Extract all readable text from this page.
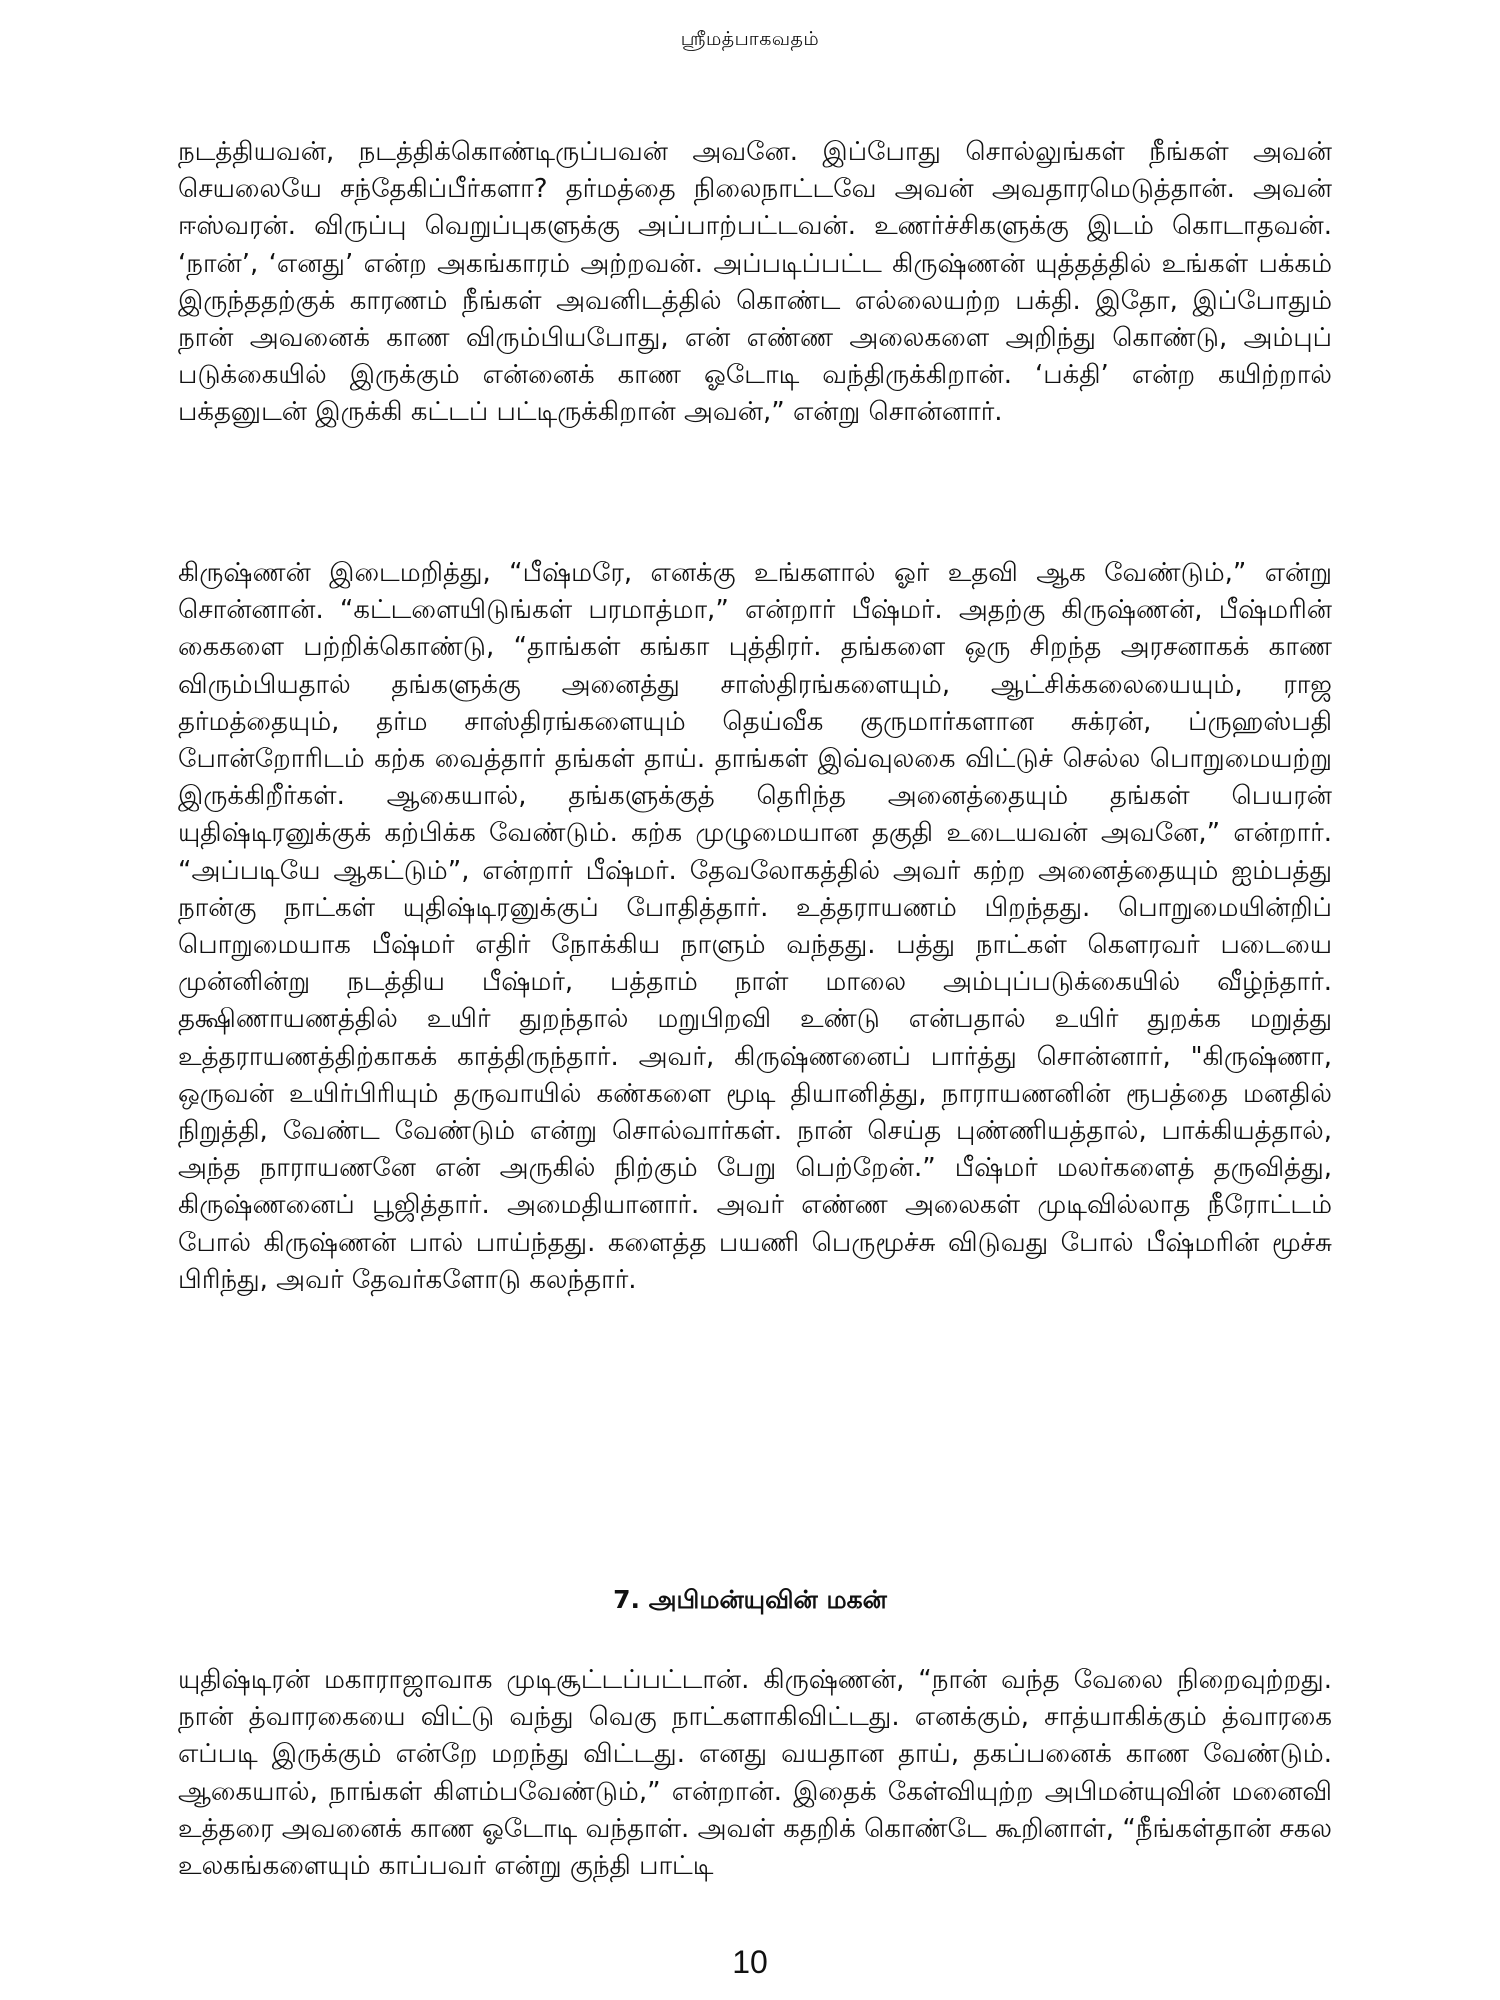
ஸ்ரீமத்பாகவதம்

நடத்தியவன், நடத்திக்கொண்டிருப்பவன் அவனே. இப்போது சொல்லுங்கள் நீங்கள் அவன் செயலையே சந்தேகிப்பீர்களா? தர்மத்தை நிலைநாட்டவே அவன் அவதாரமெடுத்தான். அவன் ஈஸ்வரன். விருப்பு வெறுப்புகளுக்கு அப்பாற்பட்டவன். உணர்ச்சிகளுக்கு இடம் கொடாதவன். ‘நான்’, ‘எனது’ என்ற அகங்காரம் அற்றவன். அப்படிப்பட்ட கிருஷ்ணன் யுத்தத்தில் உங்கள் பக்கம் இருந்ததற்குக் காரணம் நீங்கள் அவனிடத்தில் கொண்ட எல்லையற்ற பக்தி. இதோ, இப்போதும் நான் அவனைக் காண விரும்பியபோது, என் எண்ண அலைகளை அறிந்து கொண்டு, அம்புப் படுக்கையில் இருக்கும் என்னைக் காண ஓடோடி வந்திருக்கிறான். ‘பக்தி’ என்ற கயிற்றால் பக்தனுடன் இருக்கி கட்டப் பட்டிருக்கிறான் அவன்,” என்று சொன்னார்.

கிருஷ்ணன் இடைமறித்து, “பீஷ்மரே, எனக்கு உங்களால் ஓர் உதவி ஆக வேண்டும்,” என்று சொன்னான். “கட்டளையிடுங்கள் பரமாத்மா,” என்றார் பீஷ்மர். அதற்கு கிருஷ்ணன், பீஷ்மரின் கைகளை பற்றிக்கொண்டு, “தாங்கள் கங்கா புத்திரர். தங்களை ஒரு சிறந்த அரசனாகக் காண விரும்பியதால் தங்களுக்கு அனைத்து சாஸ்திரங்களையும், ஆட்சிக்கலையையும், ராஜ தர்மத்தையும், தர்ம சாஸ்திரங்களையும் தெய்வீக குருமார்களான சுக்ரன், ப்ருஹஸ்பதி போன்றோரிடம் கற்க வைத்தார் தங்கள் தாய். தாங்கள் இவ்வுலகை விட்டுச் செல்ல பொறுமையற்று இருக்கிறீர்கள். ஆகையால், தங்களுக்குத் தெரிந்த அனைத்தையும் தங்கள் பெயரன் யுதிஷ்டிரனுக்குக் கற்பிக்க வேண்டும். கற்க முழுமையான தகுதி உடையவன் அவனே,” என்றார். “அப்படியே ஆகட்டும்”, என்றார் பீஷ்மர். தேவலோகத்தில் அவர் கற்ற அனைத்தையும் ஐம்பத்து நான்கு நாட்கள் யுதிஷ்டிரனுக்குப் போதித்தார். உத்தராயணம் பிறந்தது. பொறுமையின்றிப் பொறுமையாக பீஷ்மர் எதிர் நோக்கிய நாளும் வந்தது. பத்து நாட்கள் கௌரவர் படையை முன்னின்று நடத்திய பீஷ்மர், பத்தாம் நாள் மாலை அம்புப்படுக்கையில் வீழ்ந்தார். தக்ஷிணாயணத்தில் உயிர் துறந்தால் மறுபிறவி உண்டு என்பதால் உயிர் துறக்க மறுத்து உத்தராயணத்திற்காகக் காத்திருந்தார். அவர், கிருஷ்ணனைப் பார்த்து சொன்னார், "கிருஷ்ணா, ஒருவன் உயிர்பிரியும் தருவாயில் கண்களை மூடி தியானித்து, நாராயணனின் ரூபத்தை மனதில் நிறுத்தி, வேண்ட வேண்டும் என்று சொல்வார்கள். நான் செய்த புண்ணியத்தால், பாக்கியத்தால், அந்த நாராயணனே என் அருகில் நிற்கும் பேறு பெற்றேன்.” பீஷ்மர் மலர்களைத் தருவித்து, கிருஷ்ணனைப் பூஜித்தார். அமைதியானார். அவர் எண்ண அலைகள் முடிவில்லாத நீரோட்டம் போல் கிருஷ்ணன் பால் பாய்ந்தது. களைத்த பயணி பெருமூச்சு விடுவது போல் பீஷ்மரின் மூச்சு பிரிந்து, அவர் தேவர்களோடு கலந்தார்.

7. அபிமன்யுவின் மகன்

யுதிஷ்டிரன் மகாராஜாவாக முடிசூட்டப்பட்டான். கிருஷ்ணன், “நான் வந்த வேலை நிறைவுற்றது. நான் த்வாரகையை விட்டு வந்து வெகு நாட்களாகிவிட்டது. எனக்கும், சாத்யாகிக்கும் த்வாரகை எப்படி இருக்கும் என்றே மறந்து விட்டது. எனது வயதான தாய், தகப்பனைக் காண வேண்டும். ஆகையால், நாங்கள் கிளம்பவேண்டும்,” என்றான். இதைக் கேள்வியுற்ற அபிமன்யுவின் மனைவி உத்தரை அவனைக் காண ஓடோடி வந்தாள். அவள் கதறிக் கொண்டே கூறினாள், “நீங்கள்தான் சகல உலகங்களையும் காப்பவர் என்று குந்தி பாட்டி

10
